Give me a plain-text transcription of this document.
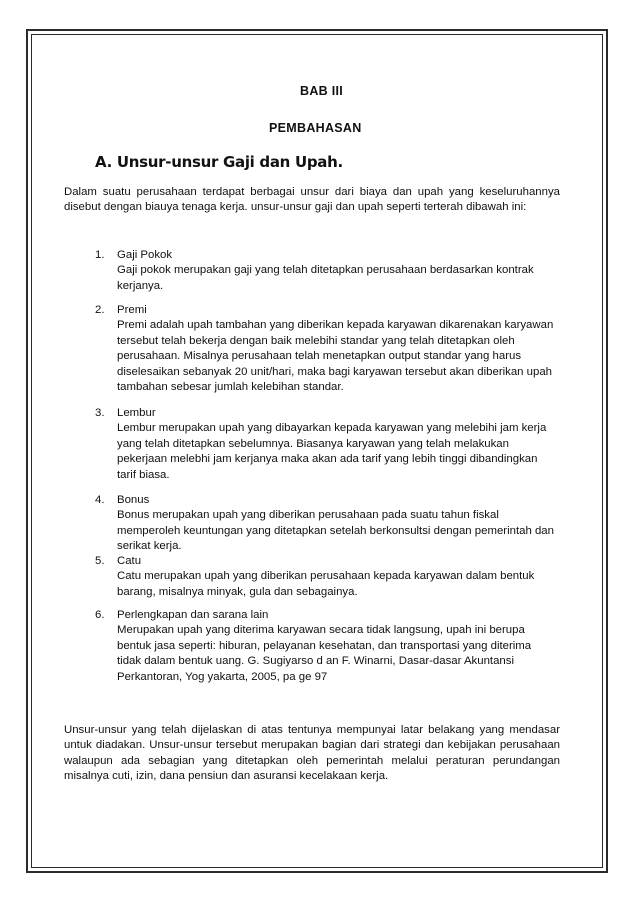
BAB III
PEMBAHASAN
A. Unsur-unsur Gaji dan Upah.
Dalam suatu perusahaan terdapat berbagai unsur dari biaya dan upah yang keseluruhannya disebut dengan biauya tenaga kerja. unsur-unsur gaji dan upah seperti terterah dibawah ini:
1.	Gaji Pokok
Gaji pokok merupakan gaji yang telah ditetapkan perusahaan berdasarkan kontrak kerjanya.
2.	Premi
Premi adalah upah tambahan yang diberikan kepada karyawan dikarenakan karyawan tersebut telah bekerja dengan baik melebihi standar yang telah ditetapkan oleh perusahaan. Misalnya perusahaan telah menetapkan output standar yang harus diselesaikan sebanyak 20 unit/hari, maka bagi karyawan tersebut akan diberikan upah tambahan sebesar jumlah kelebihan standar.
3.	Lembur
Lembur merupakan upah yang dibayarkan kepada karyawan yang melebihi jam kerja yang telah ditetapkan sebelumnya. Biasanya karyawan yang telah melakukan pekerjaan melebhi jam kerjanya maka akan ada tarif yang lebih tinggi dibandingkan tarif biasa.
4.	Bonus
Bonus merupakan upah yang diberikan perusahaan pada suatu tahun fiskal memperoleh keuntungan yang ditetapkan setelah berkonsultsi dengan pemerintah dan serikat kerja.
5.	Catu
Catu merupakan upah yang diberikan perusahaan kepada karyawan dalam bentuk barang, misalnya minyak, gula dan sebagainya.
6.	Perlengkapan dan sarana lain
Merupakan upah yang diterima karyawan secara tidak langsung, upah ini berupa bentuk jasa seperti: hiburan, pelayanan kesehatan, dan transportasi yang diterima tidak dalam bentuk uang. G. Sugiyarso d an F. Winarni, Dasar-dasar Akuntansi Perkantoran, Yog yakarta, 2005, pa ge 97
Unsur-unsur yang telah dijelaskan di atas tentunya mempunyai latar belakang yang mendasar untuk diadakan. Unsur-unsur tersebut merupakan bagian dari strategi dan kebijakan perusahaan walaupun ada sebagian yang ditetapkan oleh pemerintah melalui peraturan perundangan misalnya cuti, izin, dana pensiun dan asuransi kecelakaan kerja.
